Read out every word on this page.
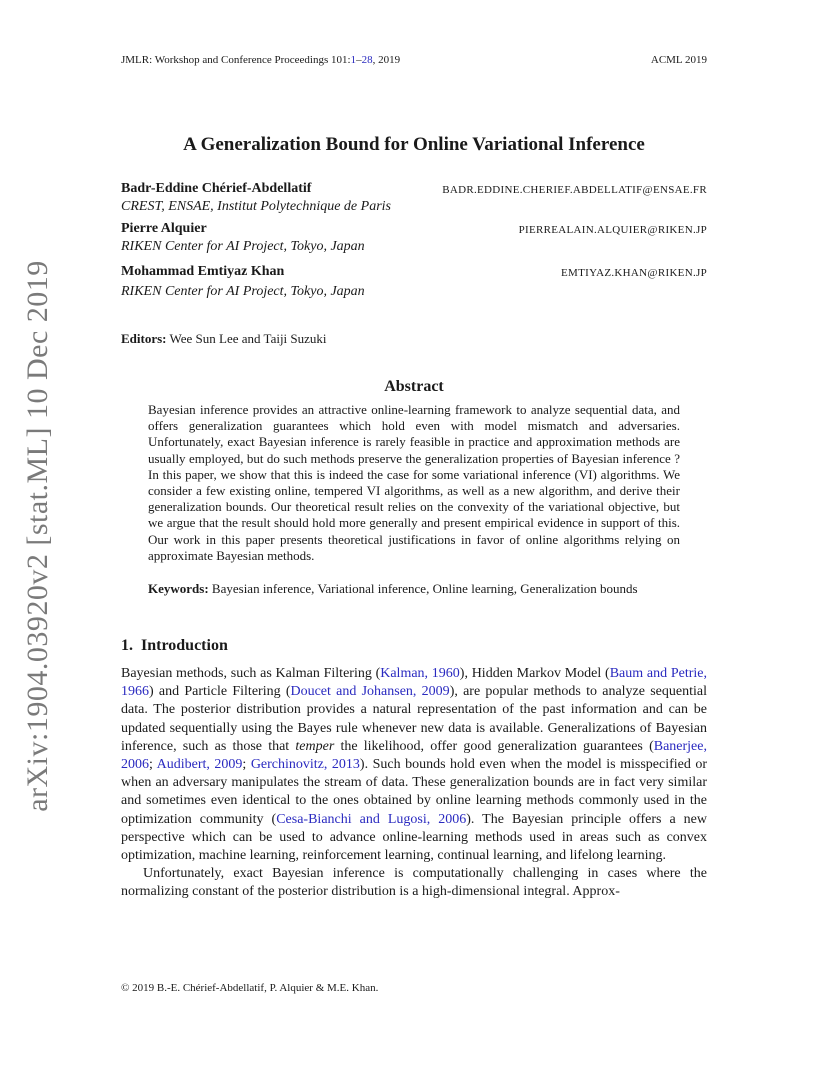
JMLR: Workshop and Conference Proceedings 101:1–28, 2019	ACML 2019
arXiv:1904.03920v2 [stat.ML] 10 Dec 2019
A Generalization Bound for Online Variational Inference
Badr-Eddine Chérief-Abdellatif	BADR.EDDINE.CHERIEF.ABDELLATIF@ENSAE.FR
CREST, ENSAE, Institut Polytechnique de Paris
Pierre Alquier	PIERREALAIN.ALQUIER@RIKEN.JP
RIKEN Center for AI Project, Tokyo, Japan
Mohammad Emtiyaz Khan	EMTIYAZ.KHAN@RIKEN.JP
RIKEN Center for AI Project, Tokyo, Japan
Editors: Wee Sun Lee and Taiji Suzuki
Abstract

Bayesian inference provides an attractive online-learning framework to analyze sequential data, and offers generalization guarantees which hold even with model mismatch and adversaries. Unfortunately, exact Bayesian inference is rarely feasible in practice and approximation methods are usually employed, but do such methods preserve the generalization properties of Bayesian inference ? In this paper, we show that this is indeed the case for some variational inference (VI) algorithms. We consider a few existing online, tempered VI algorithms, as well as a new algorithm, and derive their generalization bounds. Our theoretical result relies on the convexity of the variational objective, but we argue that the result should hold more generally and present empirical evidence in support of this. Our work in this paper presents theoretical justifications in favor of online algorithms relying on approximate Bayesian methods.

Keywords: Bayesian inference, Variational inference, Online learning, Generalization bounds

1. Introduction

Bayesian methods, such as Kalman Filtering (Kalman, 1960), Hidden Markov Model (Baum and Petrie, 1966) and Particle Filtering (Doucet and Johansen, 2009), are popular methods to analyze sequential data. The posterior distribution provides a natural representation of the past information and can be updated sequentially using the Bayes rule whenever new data is available. Generalizations of Bayesian inference, such as those that temper the likelihood, offer good generalization guarantees (Banerjee, 2006; Audibert, 2009; Gerchinovitz, 2013). Such bounds hold even when the model is misspecified or when an adversary manipulates the stream of data. These generalization bounds are in fact very similar and sometimes even identical to the ones obtained by online learning methods commonly used in the optimization community (Cesa-Bianchi and Lugosi, 2006). The Bayesian principle offers a new perspective which can be used to advance online-learning methods used in areas such as convex optimization, machine learning, reinforcement learning, continual learning, and lifelong learning.

Unfortunately, exact Bayesian inference is computationally challenging in cases where the normalizing constant of the posterior distribution is a high-dimensional integral. Approx-

© 2019 B.-E. Chérief-Abdellatif, P. Alquier & M.E. Khan.
